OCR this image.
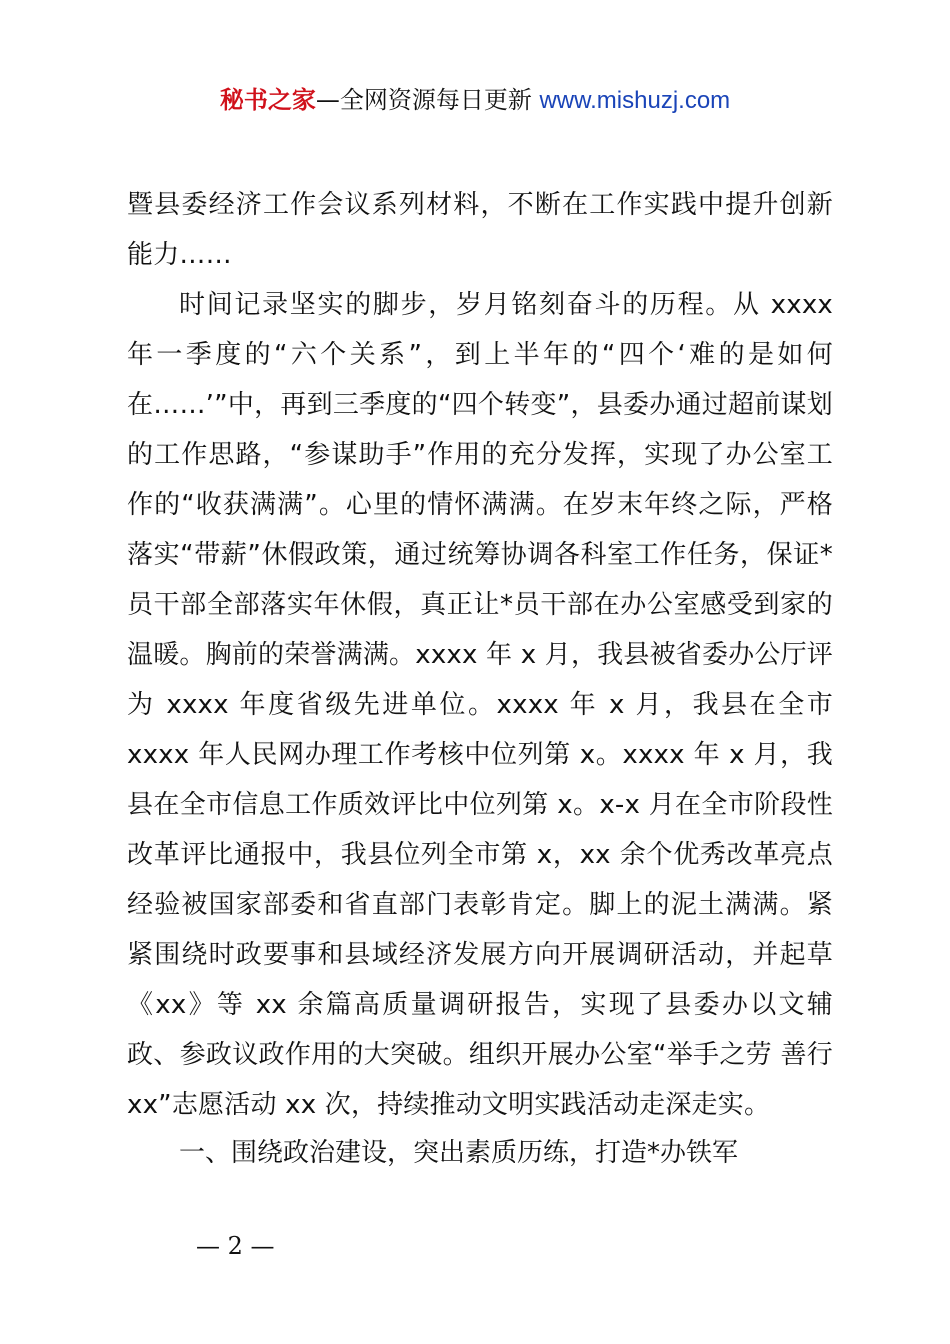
秘书之家—全网资源每日更新 www.mishuzj.com

暨县委经济工作会议系列材料，不断在工作实践中提升创新能力……

时间记录坚实的脚步，岁月铭刻奋斗的历程。从 xxxx 年一季度的“六个关系”，到上半年的“四个‘难的是如何在……’”中，再到三季度的“四个转变”，县委办通过超前谋划的工作思路，“参谋助手”作用的充分发挥，实现了办公室工作的“收获满满”。心里的情怀满满。在岁末年终之际，严格落实“带薪”休假政策，通过统筹协调各科室工作任务，保证*员干部全部落实年休假，真正让*员干部在办公室感受到家的温暖。胸前的荣誉满满。xxxx 年 x 月，我县被省委办公厅评为 xxxx 年度省级先进单位。xxxx 年 x 月，我县在全市 xxxx 年人民网办理工作考核中位列第 x。xxxx 年 x 月，我县在全市信息工作质效评比中位列第 x。x-x 月在全市阶段性改革评比通报中，我县位列全市第 x，xx 余个优秀改革亮点经验被国家部委和省直部门表彰肯定。脚上的泥土满满。紧紧围绕时政要事和县域经济发展方向开展调研活动，并起草《xx》等 xx 余篇高质量调研报告，实现了县委办以文辅政、参政议政作用的大突破。组织开展办公室“举手之劳 善行 xx”志愿活动 xx 次，持续推动文明实践活动走深走实。

一、围绕政治建设，突出素质历练，打造*办铁军
— 2 —
